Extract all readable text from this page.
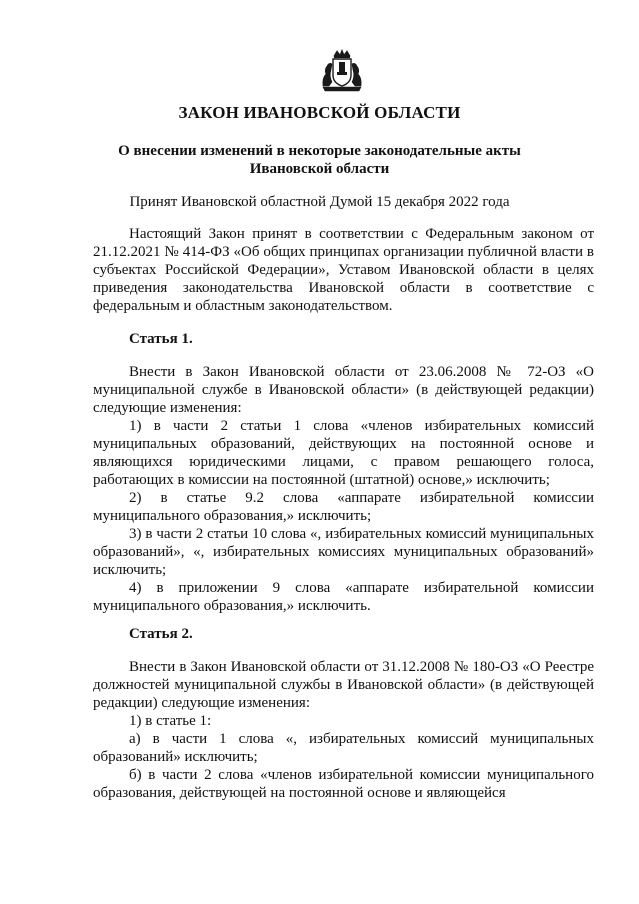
ЗАКОН ИВАНОВСКОЙ ОБЛАСТИ
О внесении изменений в некоторые законодательные акты
Ивановской области

Принят Ивановской областной Думой 15 декабря 2022 года

Настоящий Закон принят в соответствии с Федеральным законом от 21.12.2021 № 414-ФЗ «Об общих принципах организации публичной власти в субъектах Российской Федерации», Уставом Ивановской области в целях приведения законодательства Ивановской области в соответствие с федеральным и областным законодательством.

Статья 1.

Внести в Закон Ивановской области от 23.06.2008 № 72-ОЗ «О муниципальной службе в Ивановской области» (в действующей редакции) следующие изменения:

1) в части 2 статьи 1 слова «членов избирательных комиссий муниципальных образований, действующих на постоянной основе и являющихся юридическими лицами, с правом решающего голоса, работающих в комиссии на постоянной (штатной) основе,» исключить;

2) в статье 9.2 слова «аппарате избирательной комиссии муниципального образования,» исключить;

3) в части 2 статьи 10 слова «, избирательных комиссий муниципальных образований», «, избирательных комиссиях муниципальных образований» исключить;

4) в приложении 9 слова «аппарате избирательной комиссии муниципального образования,» исключить.

Статья 2.

Внести в Закон Ивановской области от 31.12.2008 № 180-ОЗ «О Реестре должностей муниципальной службы в Ивановской области» (в действующей редакции) следующие изменения:

1) в статье 1:

а) в части 1 слова «, избирательных комиссий муниципальных образований» исключить;

б) в части 2 слова «членов избирательной комиссии муниципального образования, действующей на постоянной основе и являющейся
